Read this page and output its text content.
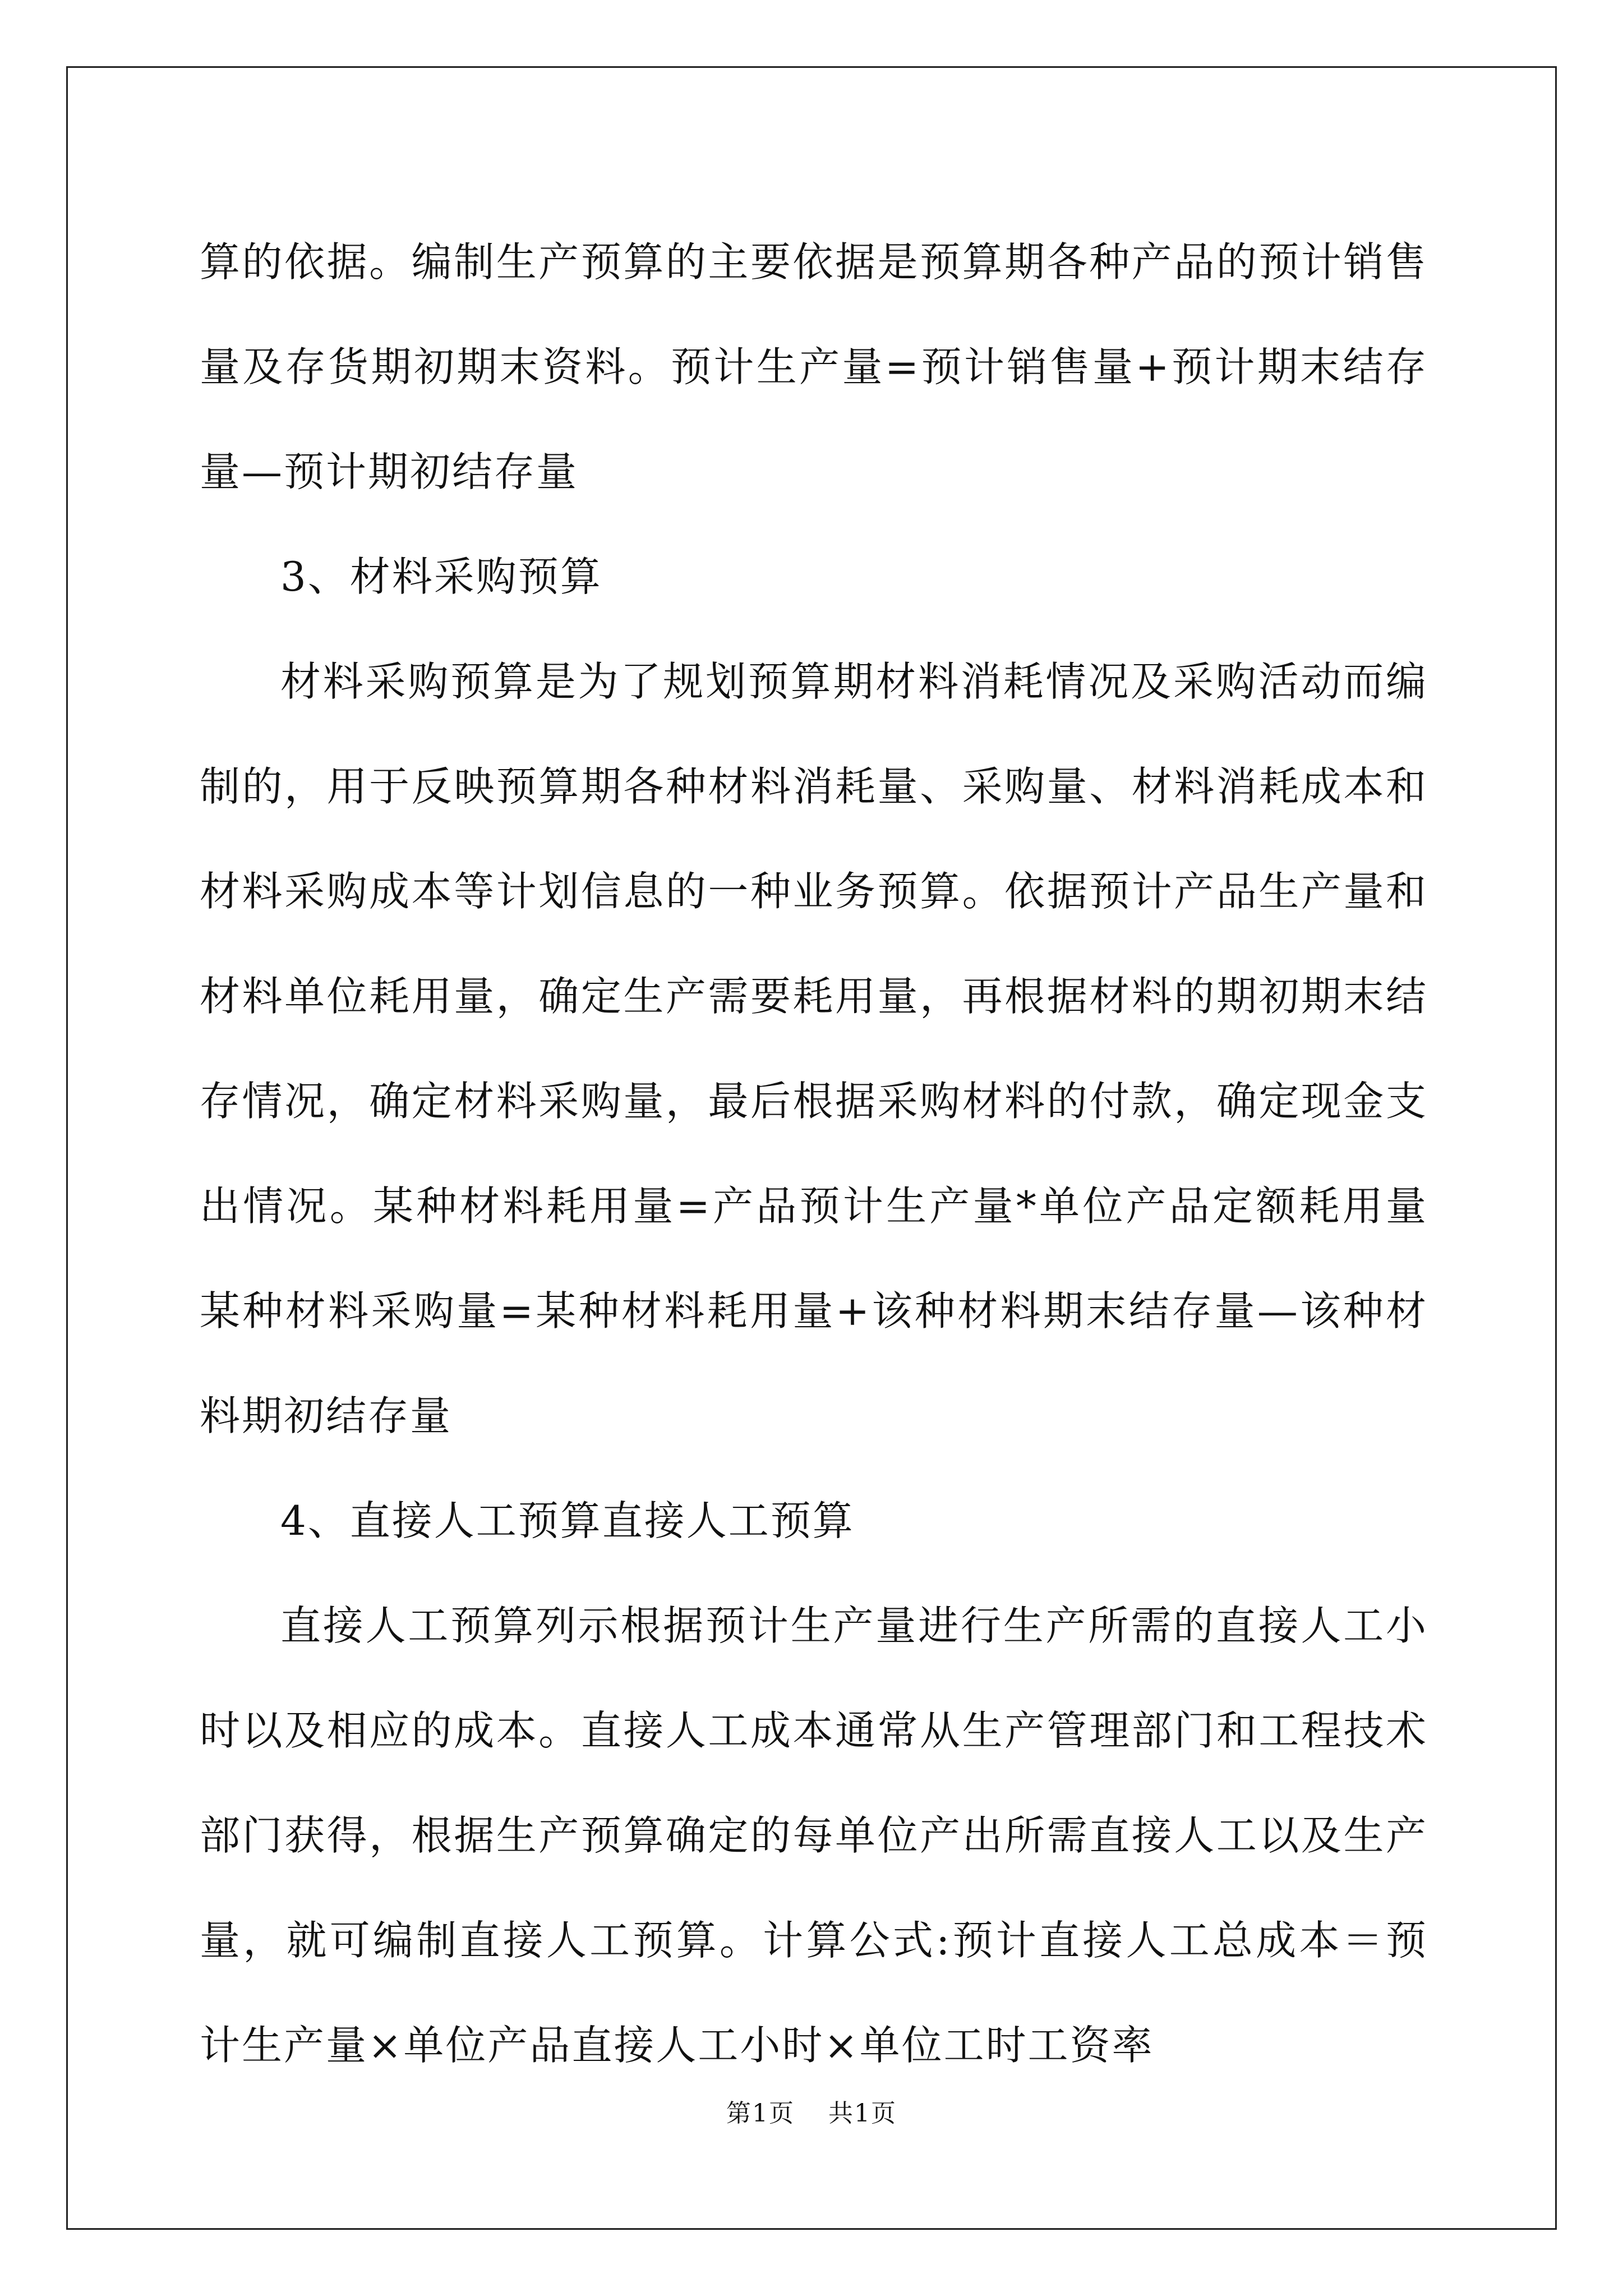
算的依据。编制生产预算的主要依据是预算期各种产品的预计销售量及存货期初期末资料。预计生产量=预计销售量+预计期末结存量—预计期初结存量

3、材料采购预算

材料采购预算是为了规划预算期材料消耗情况及采购活动而编制的，用于反映预算期各种材料消耗量、采购量、材料消耗成本和材料采购成本等计划信息的一种业务预算。依据预计产品生产量和材料单位耗用量，确定生产需要耗用量，再根据材料的期初期末结存情况，确定材料采购量，最后根据采购材料的付款，确定现金支出情况。某种材料耗用量=产品预计生产量*单位产品定额耗用量某种材料采购量=某种材料耗用量+该种材料期末结存量—该种材料期初结存量

4、直接人工预算直接人工预算

直接人工预算列示根据预计生产量进行生产所需的直接人工小时以及相应的成本。直接人工成本通常从生产管理部门和工程技术部门获得，根据生产预算确定的每单位产出所需直接人工以及生产量，就可编制直接人工预算。计算公式:预计直接人工总成本＝预计生产量×单位产品直接人工小时×单位工时工资率

第1页 共1页
